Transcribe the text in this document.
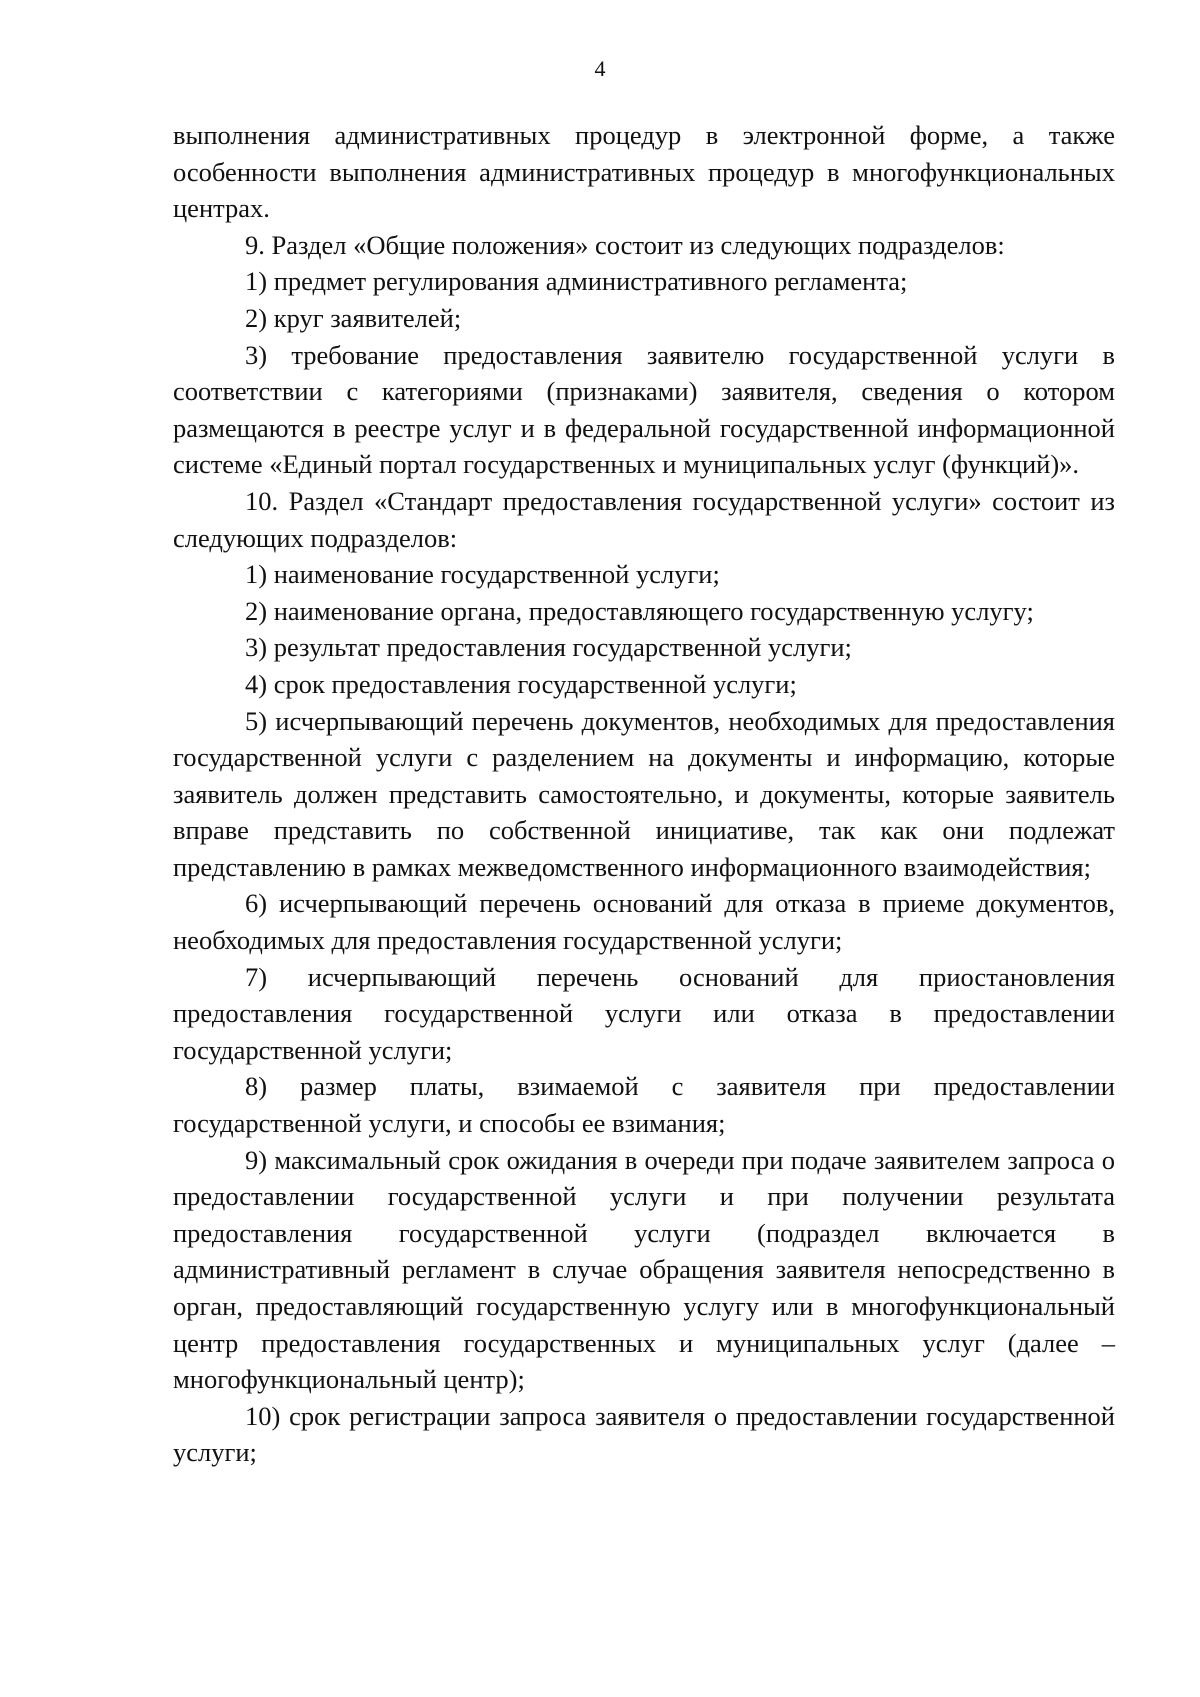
4

выполнения административных процедур в электронной форме, а также особенности выполнения административных процедур в многофункциональных центрах.

9. Раздел «Общие положения» состоит из следующих подразделов:

1) предмет регулирования административного регламента;

2) круг заявителей;

3) требование предоставления заявителю государственной услуги в соответствии с категориями (признаками) заявителя, сведения о котором размещаются в реестре услуг и в федеральной государственной информационной системе «Единый портал государственных и муниципальных услуг (функций)».

10. Раздел «Стандарт предоставления государственной услуги» состоит из следующих подразделов:

1) наименование государственной услуги;

2) наименование органа, предоставляющего государственную услугу;

3) результат предоставления государственной услуги;

4) срок предоставления государственной услуги;

5) исчерпывающий перечень документов, необходимых для предоставления государственной услуги с разделением на документы и информацию, которые заявитель должен представить самостоятельно, и документы, которые заявитель вправе представить по собственной инициативе, так как они подлежат представлению в рамках межведомственного информационного взаимодействия;

6) исчерпывающий перечень оснований для отказа в приеме документов, необходимых для предоставления государственной услуги;

7) исчерпывающий перечень оснований для приостановления предоставления государственной услуги или отказа в предоставлении государственной услуги;

8) размер платы, взимаемой с заявителя при предоставлении государственной услуги, и способы ее взимания;

9) максимальный срок ожидания в очереди при подаче заявителем запроса о предоставлении государственной услуги и при получении результата предоставления государственной услуги (подраздел включается в административный регламент в случае обращения заявителя непосредственно в орган, предоставляющий государственную услугу или в многофункциональный центр предоставления государственных и муниципальных услуг (далее – многофункциональный центр);

10) срок регистрации запроса заявителя о предоставлении государственной услуги;
